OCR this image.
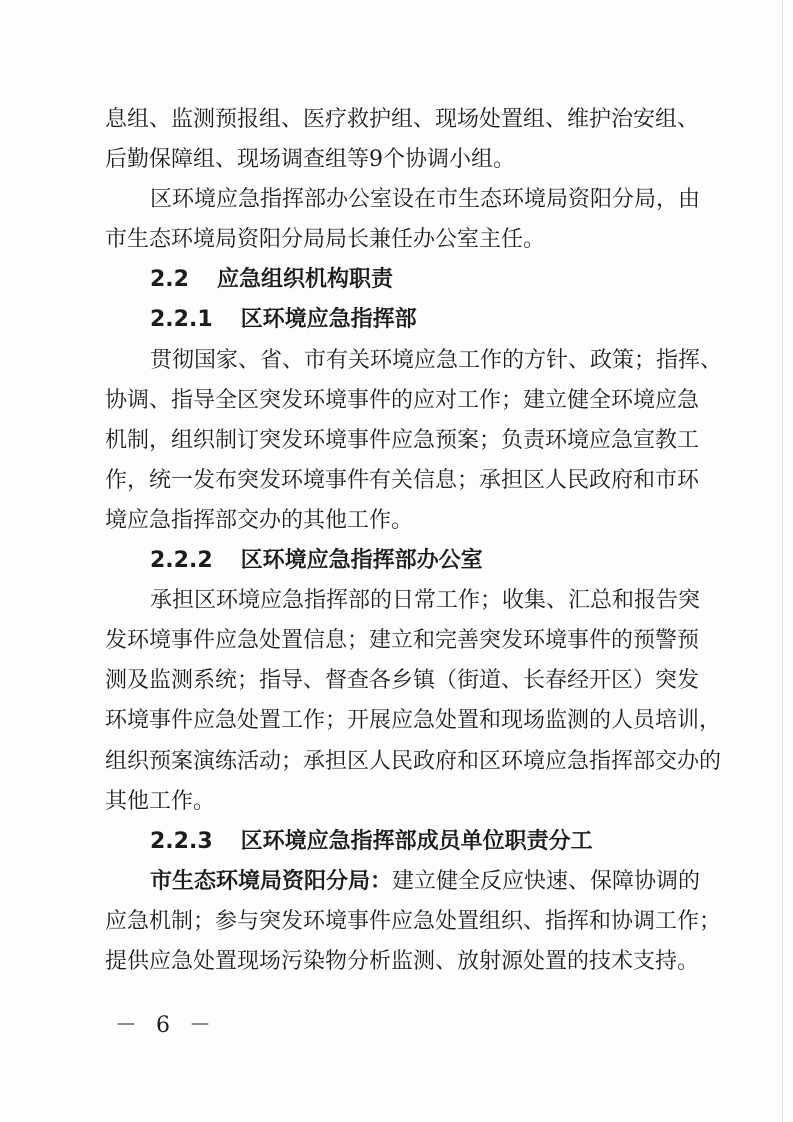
息组、监测预报组、医疗救护组、现场处置组、维护治安组、
后勤保障组、现场调查组等9个协调小组。
区环境应急指挥部办公室设在市生态环境局资阳分局，由
市生态环境局资阳分局局长兼任办公室主任。
2.2 应急组织机构职责
2.2.1 区环境应急指挥部
贯彻国家、省、市有关环境应急工作的方针、政策；指挥、
协调、指导全区突发环境事件的应对工作；建立健全环境应急
机制，组织制订突发环境事件应急预案；负责环境应急宣教工
作，统一发布突发环境事件有关信息；承担区人民政府和市环
境应急指挥部交办的其他工作。
2.2.2 区环境应急指挥部办公室
承担区环境应急指挥部的日常工作；收集、汇总和报告突
发环境事件应急处置信息；建立和完善突发环境事件的预警预
测及监测系统；指导、督查各乡镇（街道、长春经开区）突发
环境事件应急处置工作；开展应急处置和现场监测的人员培训，
组织预案演练活动；承担区人民政府和区环境应急指挥部交办的
其他工作。
2.2.3 区环境应急指挥部成员单位职责分工
市生态环境局资阳分局：建立健全反应快速、保障协调的
应急机制；参与突发环境事件应急处置组织、指挥和协调工作；
提供应急处置现场污染物分析监测、放射源处置的技术支持。
－ 6 －
